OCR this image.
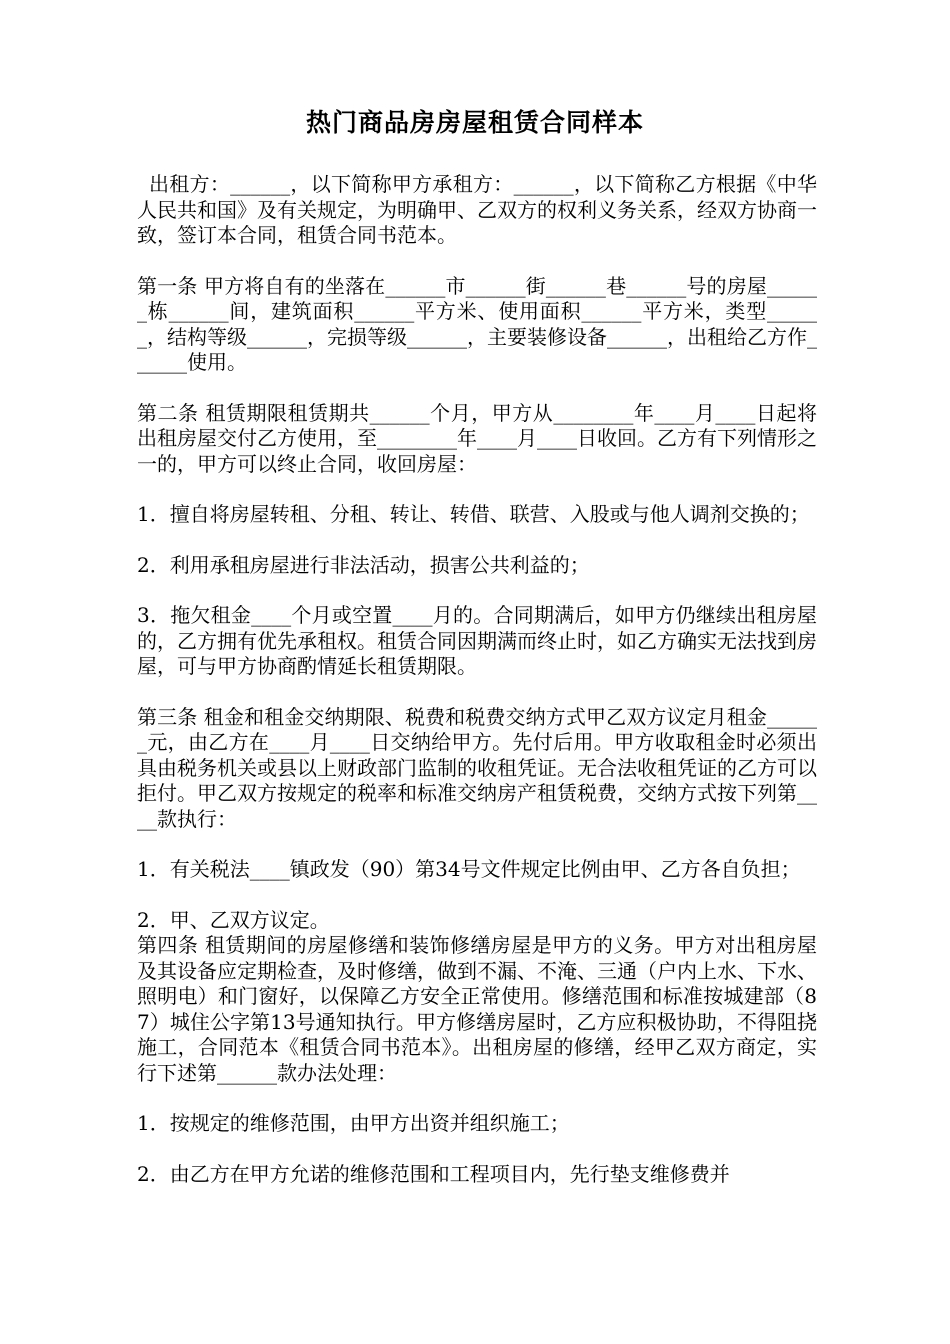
热门商品房房屋租赁合同样本

出租方：______，以下简称甲方承租方：______，以下简称乙方根据《中华人民共和国》及有关规定，为明确甲、乙双方的权利义务关系，经双方协商一致，签订本合同，租赁合同书范本。

第一条 甲方将自有的坐落在______市______街______巷______号的房屋______栋______间，建筑面积______平方米、使用面积______平方米，类型______，结构等级______，完损等级______，主要装修设备______，出租给乙方作______使用。

第二条 租赁期限租赁期共______个月，甲方从________年____月____日起将出租房屋交付乙方使用，至________年____月____日收回。乙方有下列情形之一的，甲方可以终止合同，收回房屋：

1．擅自将房屋转租、分租、转让、转借、联营、入股或与他人调剂交换的；

2．利用承租房屋进行非法活动，损害公共利益的；

3．拖欠租金____个月或空置____月的。合同期满后，如甲方仍继续出租房屋的，乙方拥有优先承租权。租赁合同因期满而终止时，如乙方确实无法找到房屋，可与甲方协商酌情延长租赁期限。

第三条 租金和租金交纳期限、税费和税费交纳方式甲乙双方议定月租金______元，由乙方在____月____日交纳给甲方。先付后用。甲方收取租金时必须出具由税务机关或县以上财政部门监制的收租凭证。无合法收租凭证的乙方可以拒付。甲乙双方按规定的税率和标准交纳房产租赁税费，交纳方式按下列第____款执行：

1．有关税法____镇政发（90）第34号文件规定比例由甲、乙方各自负担；

2．甲、乙双方议定。

第四条 租赁期间的房屋修缮和装饰修缮房屋是甲方的义务。甲方对出租房屋及其设备应定期检查，及时修缮，做到不漏、不淹、三通（户内上水、下水、照明电）和门窗好，以保障乙方安全正常使用。修缮范围和标准按城建部（87）城住公字第13号通知执行。甲方修缮房屋时，乙方应积极协助，不得阻挠施工，合同范本《租赁合同书范本》。出租房屋的修缮，经甲乙双方商定，实行下述第______款办法处理：

1．按规定的维修范围，由甲方出资并组织施工；

2．由乙方在甲方允诺的维修范围和工程项目内，先行垫支维修费并
